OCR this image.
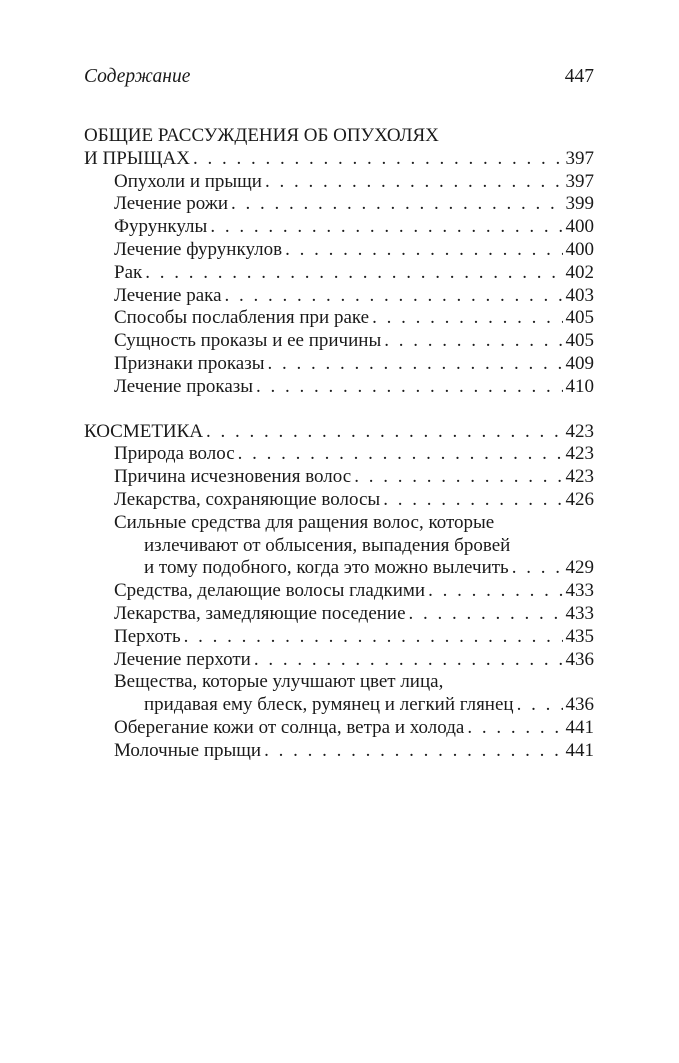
Содержание	447
ОБЩИЕ РАССУЖДЕНИЯ ОБ ОПУХОЛЯХ
И ПРЫЩАХ . . .	397
Опухоли и прыщи . . .	397
Лечение рожи . . .	399
Фурункулы . . .	400
Лечение фурункулов . . .	400
Рак . . .	402
Лечение рака . . .	403
Способы послабления при раке . . .	405
Сущность проказы и ее причины . . .	405
Признаки проказы . . .	409
Лечение проказы . . .	410
КОСМЕТИКА . . .	423
Природа волос . . .	423
Причина исчезновения волос . . .	423
Лекарства, сохраняющие волосы . . .	426
Сильные средства для ращения волос, которые
излечивают от облысения, выпадения бровей
и тому подобного, когда это можно вылечить . . .	429
Средства, делающие волосы гладкими . . .	433
Лекарства, замедляющие поседение . . .	433
Перхоть . . .	435
Лечение перхоти . . .	436
Вещества, которые улучшают цвет лица,
придавая ему блеск, румянец и легкий глянец . . .	436
Оберегание кожи от солнца, ветра и холода . . .	441
Молочные прыщи . . .	441
